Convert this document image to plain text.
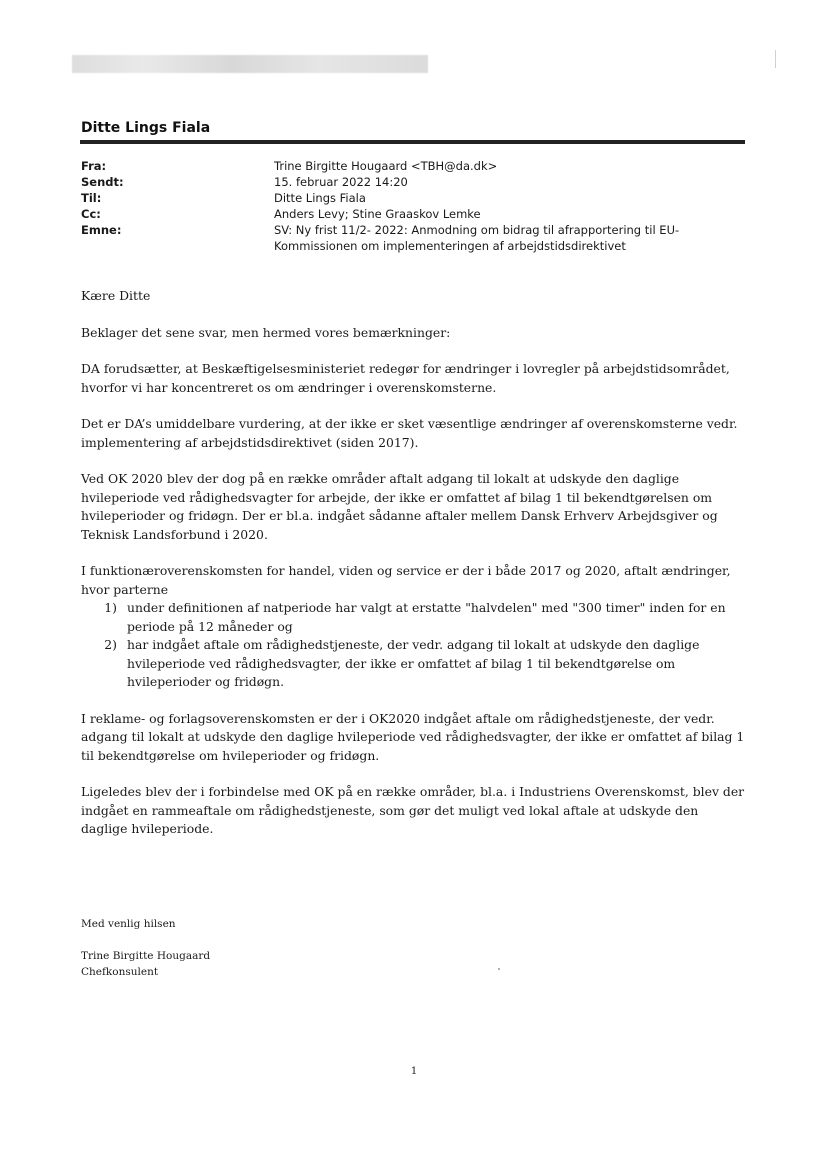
Ditte Lings Fiala
Fra:	Trine Birgitte Hougaard <TBH@da.dk>
Sendt:	15. februar 2022 14:20
Til:	Ditte Lings Fiala
Cc:	Anders Levy; Stine Graaskov Lemke
Emne:	SV: Ny frist 11/2- 2022: Anmodning om bidrag til afrapportering til EU-Kommissionen om implementeringen af arbejdstidsdirektivet

Kære Ditte

Beklager det sene svar, men hermed vores bemærkninger:

DA forudsætter, at Beskæftigelsesministeriet redegør for ændringer i lovregler på arbejdstidsområdet, hvorfor vi har koncentreret os om ændringer i overenskomsterne.

Det er DA’s umiddelbare vurdering, at der ikke er sket væsentlige ændringer af overenskomsterne vedr. implementering af arbejdstidsdirektivet (siden 2017).

Ved OK 2020 blev der dog på en række områder aftalt adgang til lokalt at udskyde den daglige hvileperiode ved rådighedsvagter for arbejde, der ikke er omfattet af bilag 1 til bekendtgørelsen om hvileperioder og fridøgn. Der er bl.a. indgået sådanne aftaler mellem Dansk Erhverv Arbejdsgiver og Teknisk Landsforbund i 2020.

I funktionæroverenskomsten for handel, viden og service er der i både 2017 og 2020, aftalt ændringer, hvor parterne

1) under definitionen af natperiode har valgt at erstatte "halvdelen" med "300 timer" inden for en periode på 12 måneder og
2) har indgået aftale om rådighedstjeneste, der vedr. adgang til lokalt at udskyde den daglige hvileperiode ved rådighedsvagter, der ikke er omfattet af bilag 1 til bekendtgørelse om hvileperioder og fridøgn.

I reklame- og forlagsoverenskomsten er der i OK2020 indgået aftale om rådighedstjeneste, der vedr. adgang til lokalt at udskyde den daglige hvileperiode ved rådighedsvagter, der ikke er omfattet af bilag 1 til bekendtgørelse om hvileperioder og fridøgn.

Ligeledes blev der i forbindelse med OK på en række områder, bl.a. i Industriens Overenskomst, blev der indgået en rammeaftale om rådighedstjeneste, som gør det muligt ved lokal aftale at udskyde den daglige hvileperiode.

Med venlig hilsen

Trine Birgitte Hougaard

Chefkonsulent

1
